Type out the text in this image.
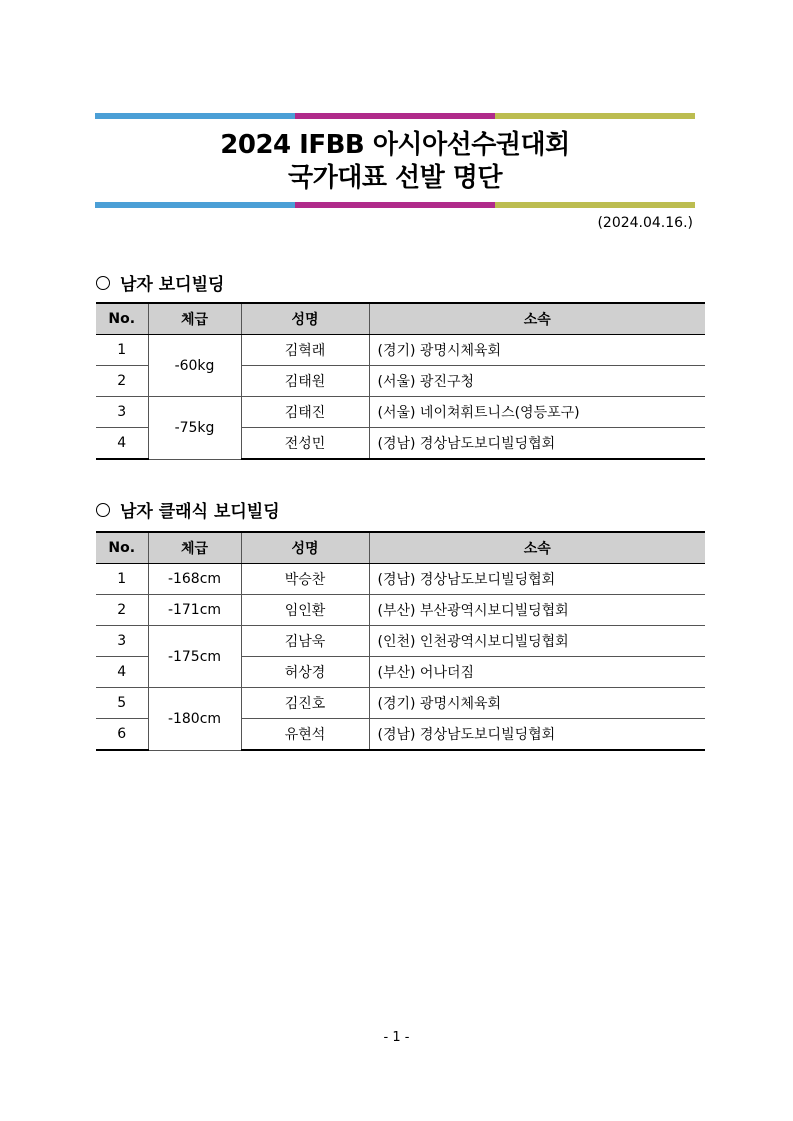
2024 IFBB 아시아선수권대회
국가대표 선발 명단
(2024.04.16.)
남자 보디빌딩
No.	체급	성명	소속
1	-60kg	김혁래	(경기) 광명시체육회
2		김태원	(서울) 광진구청
3	-75kg	김태진	(서울) 네이쳐휘트니스(영등포구)
4		전성민	(경남) 경상남도보디빌딩협회
남자 클래식 보디빌딩
No.	체급	성명	소속
1	-168cm	박승찬	(경남) 경상남도보디빌딩협회
2	-171cm	임인환	(부산) 부산광역시보디빌딩협회
3	-175cm	김남욱	(인천) 인천광역시보디빌딩협회
4		허상경	(부산) 어나더짐
5	-180cm	김진호	(경기) 광명시체육회
6		유현석	(경남) 경상남도보디빌딩협회
- 1 -
